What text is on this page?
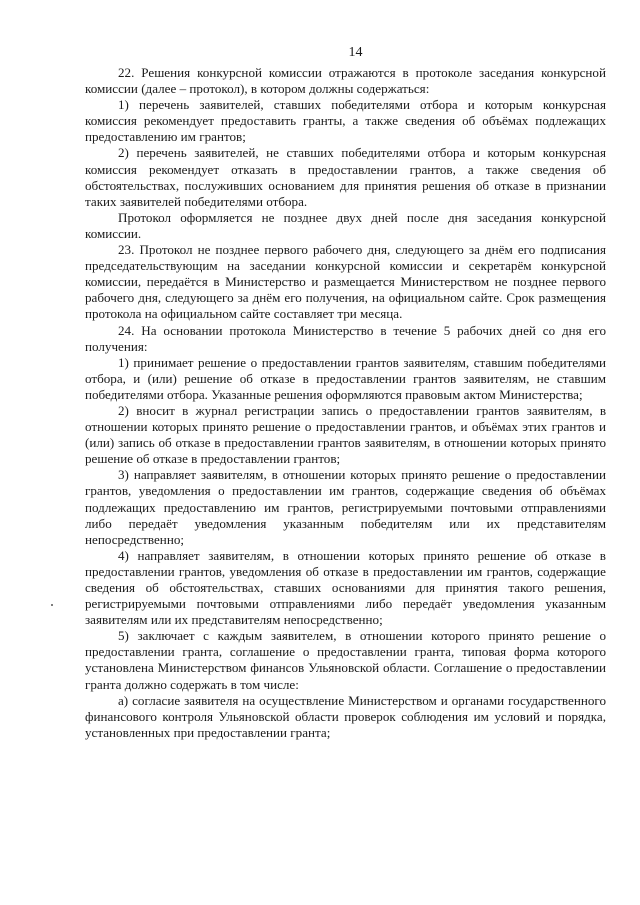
14

22. Решения конкурсной комиссии отражаются в протоколе заседания конкурсной комиссии (далее – протокол), в котором должны содержаться:

1) перечень заявителей, ставших победителями отбора и которым конкурсная комиссия рекомендует предоставить гранты, а также сведения об объёмах подлежащих предоставлению им грантов;

2) перечень заявителей, не ставших победителями отбора и которым конкурсная комиссия рекомендует отказать в предоставлении грантов, а также сведения об обстоятельствах, послуживших основанием для принятия решения об отказе в признании таких заявителей победителями отбора.

Протокол оформляется не позднее двух дней после дня заседания конкурсной комиссии.

23. Протокол не позднее первого рабочего дня, следующего за днём его подписания председательствующим на заседании конкурсной комиссии и секретарём конкурсной комиссии, передаётся в Министерство и размещается Министерством не позднее первого рабочего дня, следующего за днём его получения, на официальном сайте. Срок размещения протокола на официальном сайте составляет три месяца.

24. На основании протокола Министерство в течение 5 рабочих дней со дня его получения:

1) принимает решение о предоставлении грантов заявителям, ставшим победителями отбора, и (или) решение об отказе в предоставлении грантов заявителям, не ставшим победителями отбора. Указанные решения оформляются правовым актом Министерства;

2) вносит в журнал регистрации запись о предоставлении грантов заявителям, в отношении которых принято решение о предоставлении грантов, и объёмах этих грантов и (или) запись об отказе в предоставлении грантов заявителям, в отношении которых принято решение об отказе в предоставлении грантов;

3) направляет заявителям, в отношении которых принято решение о предоставлении грантов, уведомления о предоставлении им грантов, содержащие сведения об объёмах подлежащих предоставлению им грантов, регистрируемыми почтовыми отправлениями либо передаёт уведомления указанным победителям или их представителям непосредственно;

4) направляет заявителям, в отношении которых принято решение об отказе в предоставлении грантов, уведомления об отказе в предоставлении им грантов, содержащие сведения об обстоятельствах, ставших основаниями для принятия такого решения, регистрируемыми почтовыми отправлениями либо передаёт уведомления указанным заявителям или их представителям непосредственно;

5) заключает с каждым заявителем, в отношении которого принято решение о предоставлении гранта, соглашение о предоставлении гранта, типовая форма которого установлена Министерством финансов Ульяновской области. Соглашение о предоставлении гранта должно содержать в том числе:

а) согласие заявителя на осуществление Министерством и органами государственного финансового контроля Ульяновской области проверок соблюдения им условий и порядка, установленных при предоставлении гранта;
